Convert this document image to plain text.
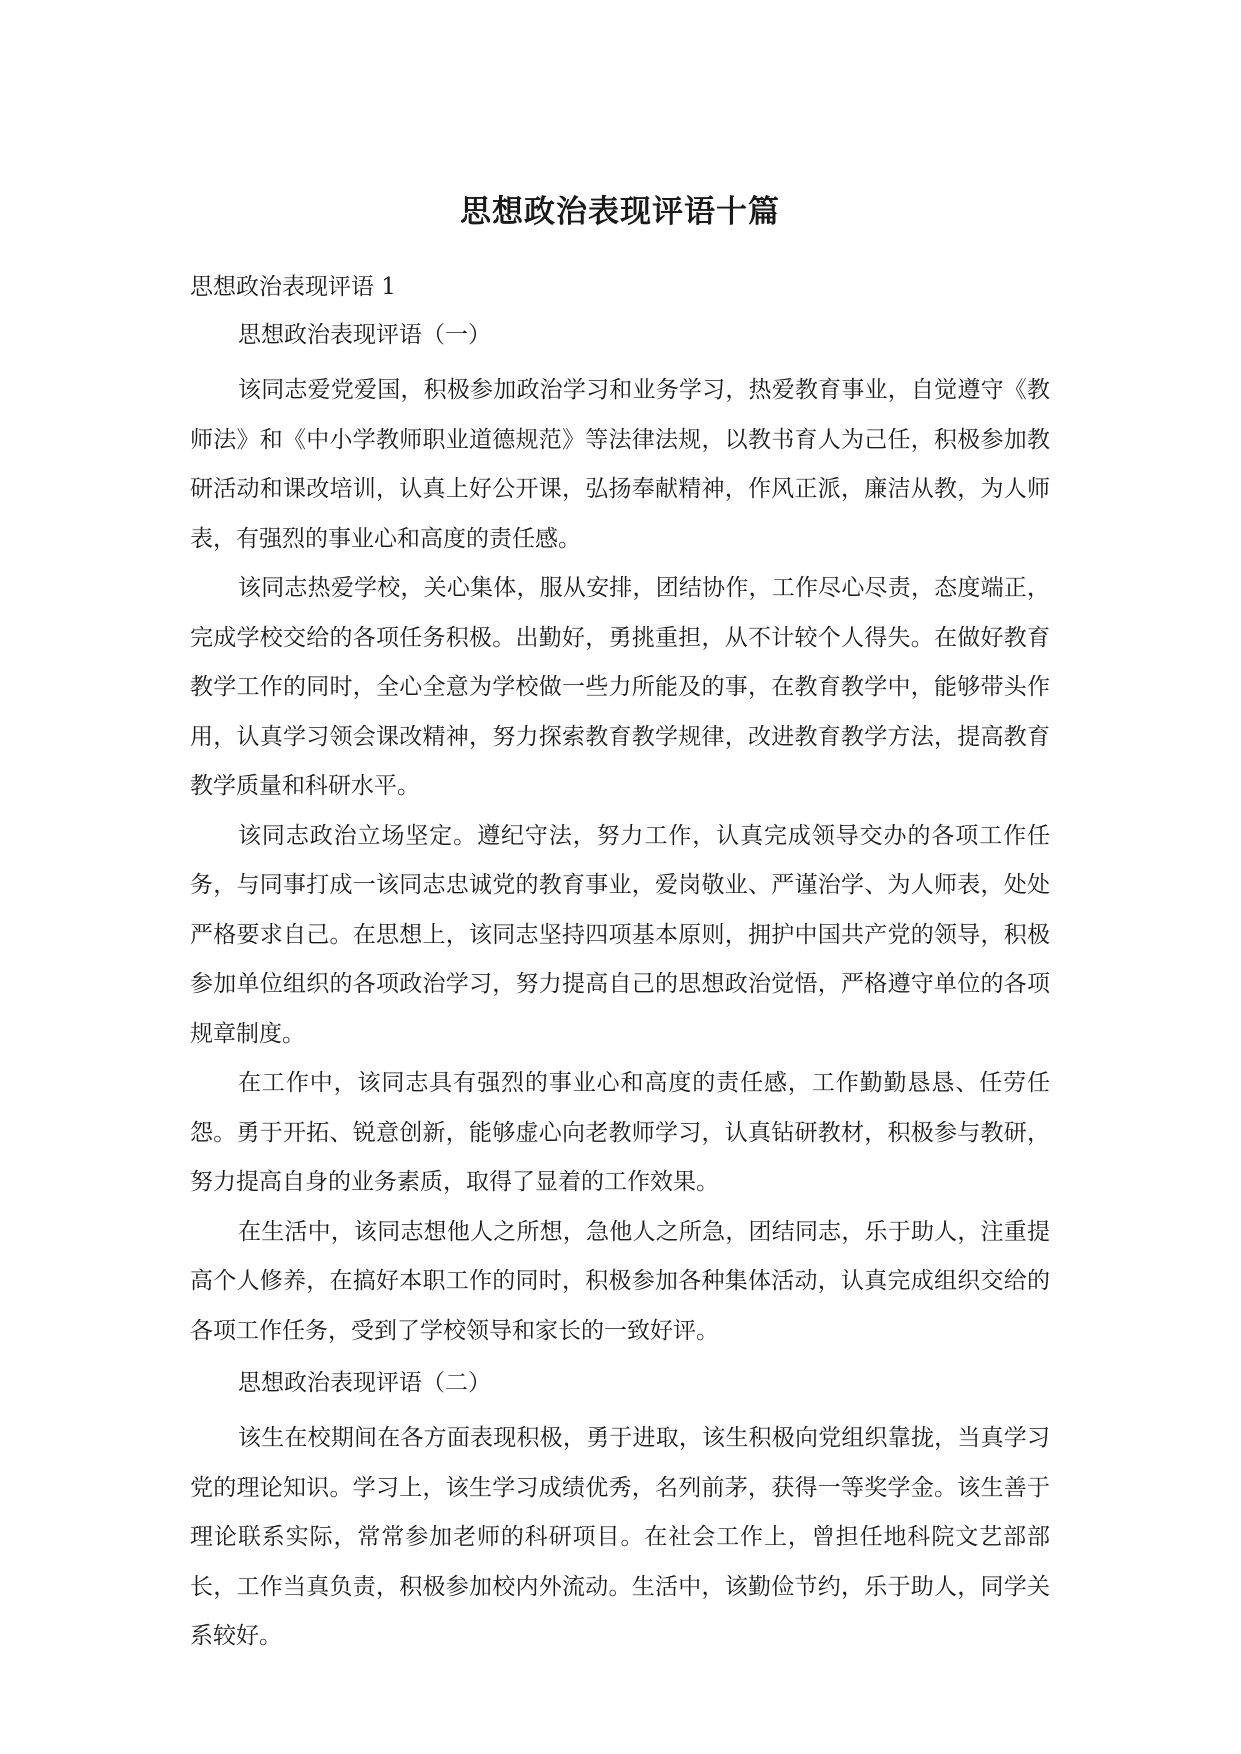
思想政治表现评语十篇
思想政治表现评语 1
思想政治表现评语（一）

该同志爱党爱国，积极参加政治学习和业务学习，热爱教育事业，自觉遵守《教师法》和《中小学教师职业道德规范》等法律法规，以教书育人为己任，积极参加教研活动和课改培训，认真上好公开课，弘扬奉献精神，作风正派，廉洁从教，为人师表，有强烈的事业心和高度的责任感。

该同志热爱学校，关心集体，服从安排，团结协作，工作尽心尽责，态度端正，完成学校交给的各项任务积极。出勤好，勇挑重担，从不计较个人得失。在做好教育教学工作的同时，全心全意为学校做一些力所能及的事，在教育教学中，能够带头作用，认真学习领会课改精神，努力探索教育教学规律，改进教育教学方法，提高教育教学质量和科研水平。

该同志政治立场坚定。遵纪守法，努力工作，认真完成领导交办的各项工作任务，与同事打成一该同志忠诚党的教育事业，爱岗敬业、严谨治学、为人师表，处处严格要求自己。在思想上，该同志坚持四项基本原则，拥护中国共产党的领导，积极参加单位组织的各项政治学习，努力提高自己的思想政治觉悟，严格遵守单位的各项规章制度。

在工作中，该同志具有强烈的事业心和高度的责任感，工作勤勤恳恳、任劳任怨。勇于开拓、锐意创新，能够虚心向老教师学习，认真钻研教材，积极参与教研，努力提高自身的业务素质，取得了显着的工作效果。

在生活中，该同志想他人之所想，急他人之所急，团结同志，乐于助人，注重提高个人修养，在搞好本职工作的同时，积极参加各种集体活动，认真完成组织交给的各项工作任务，受到了学校领导和家长的一致好评。

思想政治表现评语（二）

该生在校期间在各方面表现积极，勇于进取，该生积极向党组织靠拢，当真学习党的理论知识。学习上，该生学习成绩优秀，名列前茅，获得一等奖学金。该生善于理论联系实际，常常参加老师的科研项目。在社会工作上，曾担任地科院文艺部部长，工作当真负责，积极参加校内外流动。生活中，该勤俭节约，乐于助人，同学关系较好。
